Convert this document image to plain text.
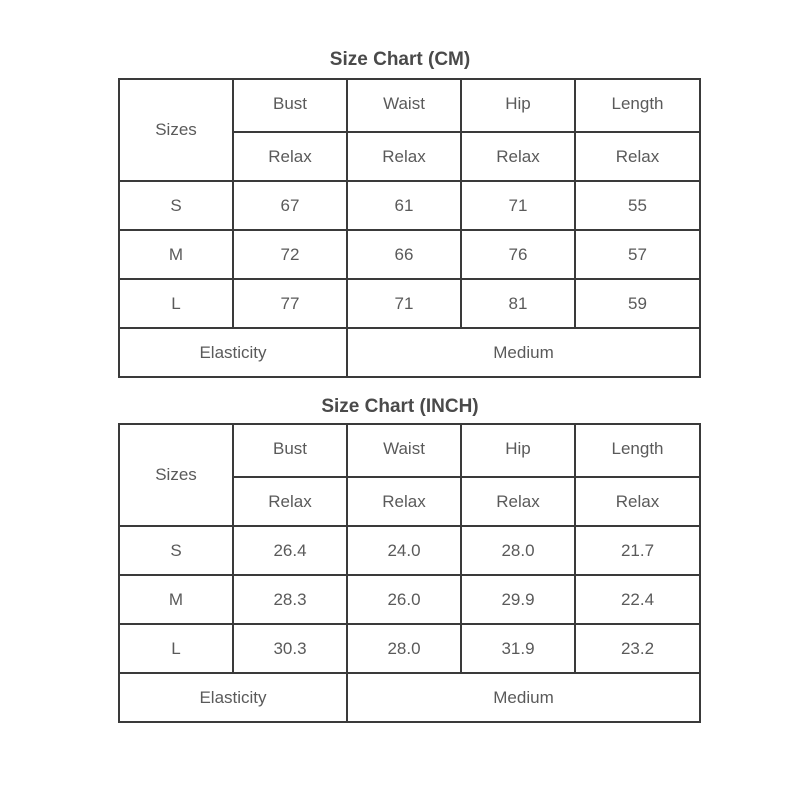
Size Chart (CM)
Sizes	Bust	Waist	Hip	Length
	Relax	Relax	Relax	Relax
S	67	61	71	55
M	72	66	76	57
L	77	71	81	59
Elasticity		Medium		
Size Chart (INCH)
Sizes	Bust	Waist	Hip	Length
	Relax	Relax	Relax	Relax
S	26.4	24.0	28.0	21.7
M	28.3	26.0	29.9	22.4
L	30.3	28.0	31.9	23.2
Elasticity		Medium		
